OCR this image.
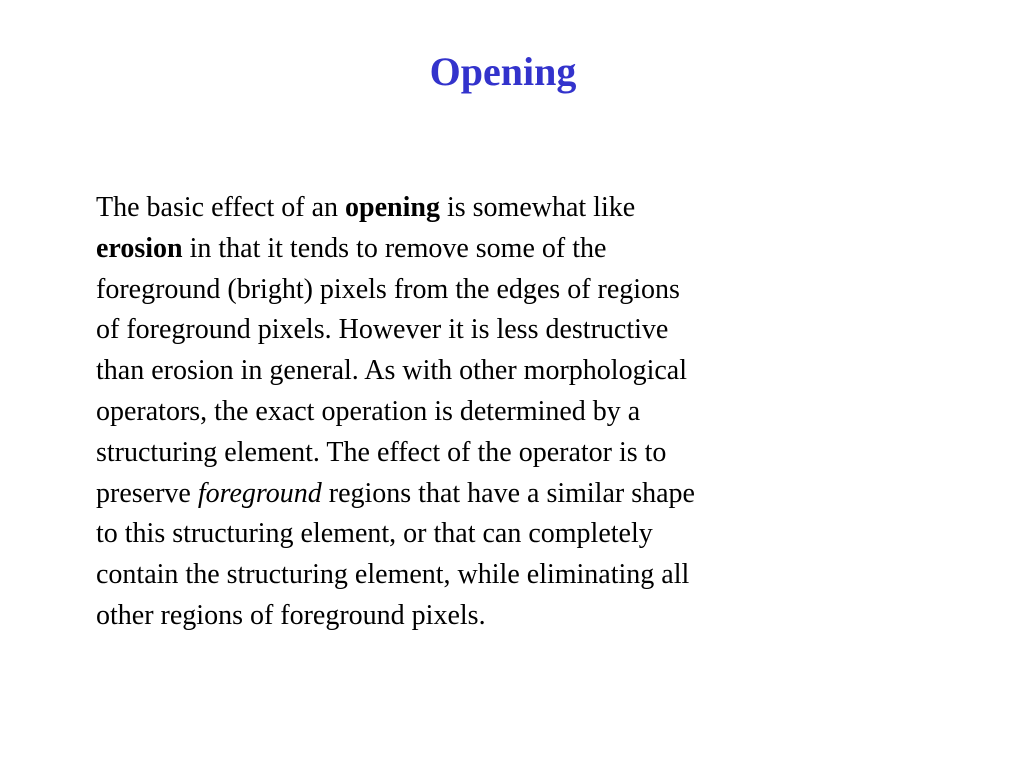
Opening
The basic effect of an opening is somewhat like
erosion in that it tends to remove some of the
foreground (bright) pixels from the edges of regions
of foreground pixels. However it is less destructive
than erosion in general. As with other morphological
operators, the exact operation is determined by a
structuring element. The effect of the operator is to
preserve foreground regions that have a similar shape
to this structuring element, or that can completely
contain the structuring element, while eliminating all
other regions of foreground pixels.
